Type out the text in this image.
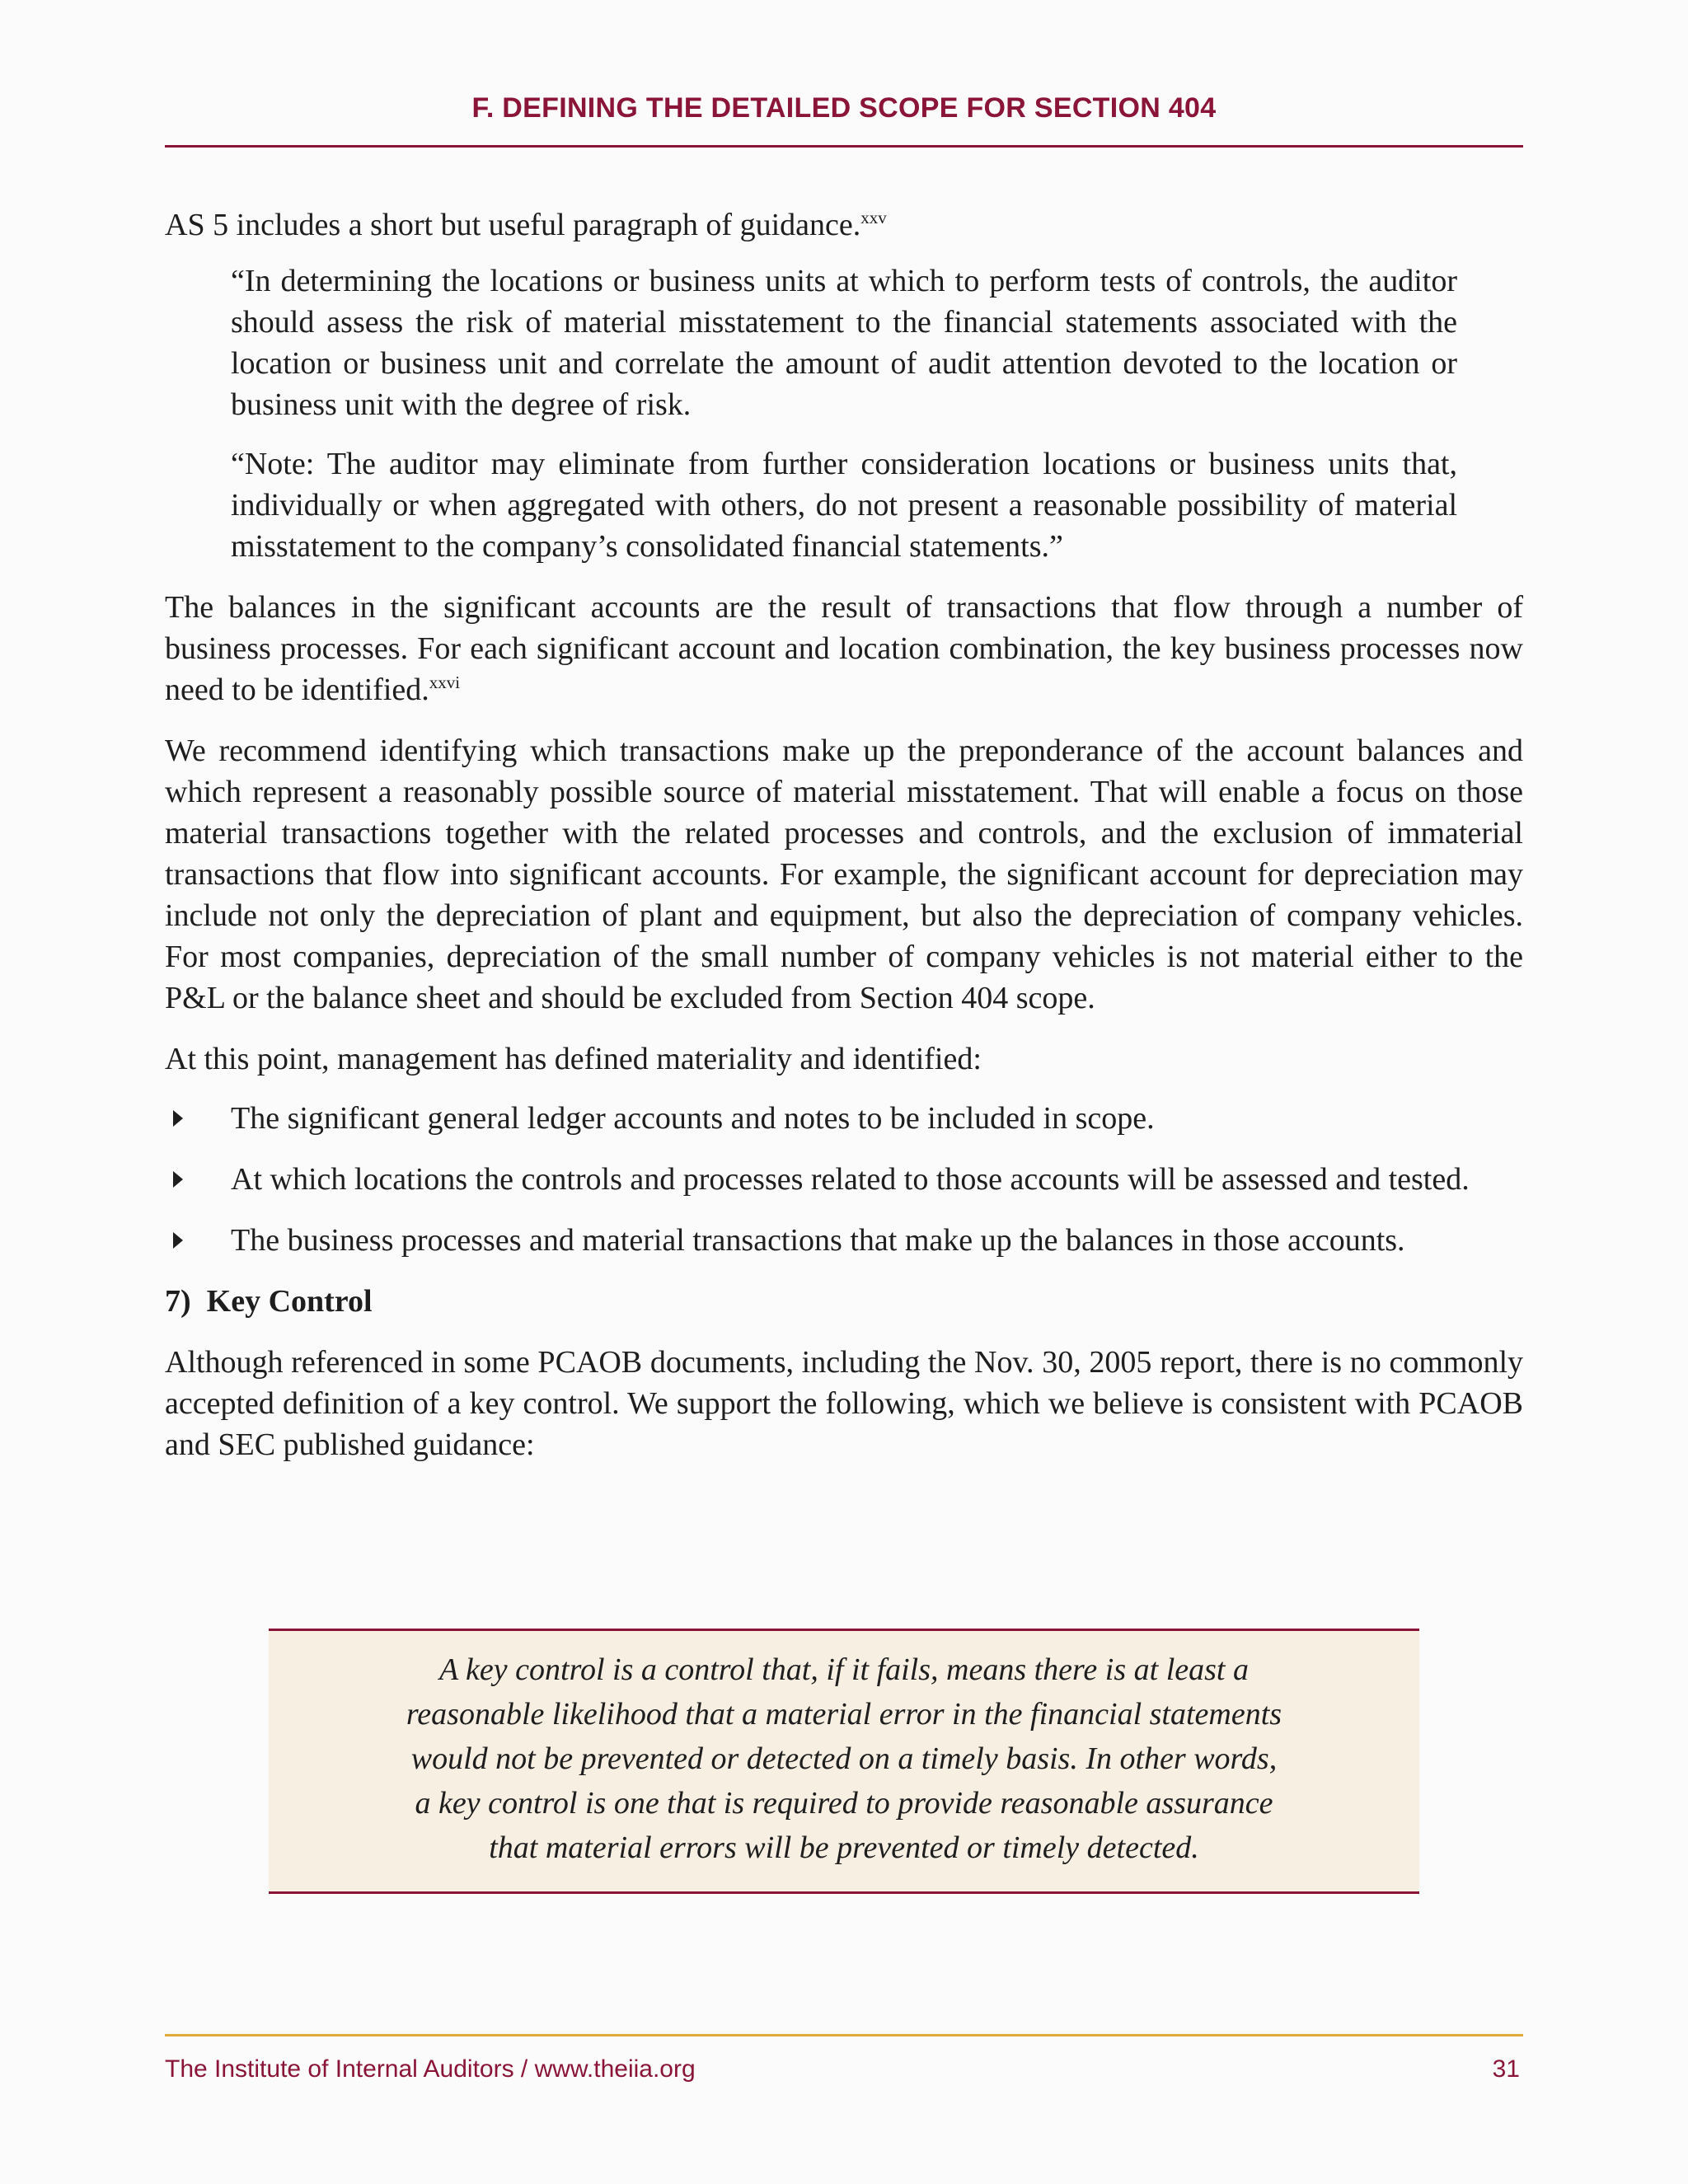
F. DEFINING THE DETAILED SCOPE FOR SECTION 404

AS 5 includes a short but useful paragraph of guidance.$^{xxv}$

“In determining the locations or business units at which to perform tests of controls, the auditor should assess the risk of material misstatement to the financial statements associated with the location or business unit and correlate the amount of audit attention devoted to the location or business unit with the degree of risk.

“Note: The auditor may eliminate from further consideration locations or business units that, individually or when aggregated with others, do not present a reasonable possibility of material misstatement to the company’s consolidated financial statements.”

The balances in the significant accounts are the result of transactions that flow through a number of business processes. For each significant account and location combination, the key business processes now need to be identified.$^{xxvi}$

We recommend identifying which transactions make up the preponderance of the account balances and which represent a reasonably possible source of material misstatement. That will enable a focus on those material transactions together with the related processes and controls, and the exclusion of immaterial transactions that flow into significant accounts. For example, the significant account for depreciation may include not only the depreciation of plant and equipment, but also the depreciation of company vehicles. For most companies, depreciation of the small number of company vehicles is not material either to the P&L or the balance sheet and should be excluded from Section 404 scope.

At this point, management has defined materiality and identified:

The significant general ledger accounts and notes to be included in scope.
At which locations the controls and processes related to those accounts will be assessed and tested.
The business processes and material transactions that make up the balances in those accounts.

7)  Key Control

Although referenced in some PCAOB documents, including the Nov. 30, 2005 report, there is no commonly accepted definition of a key control. We support the following, which we believe is consistent with PCAOB and SEC published guidance:

A key control is a control that, if it fails, means there is at least a
reasonable likelihood that a material error in the financial statements
would not be prevented or detected on a timely basis. In other words,
a key control is one that is required to provide reasonable assurance
that material errors will be prevented or timely detected.
The Institute of Internal Auditors / www.theiia.org	31
